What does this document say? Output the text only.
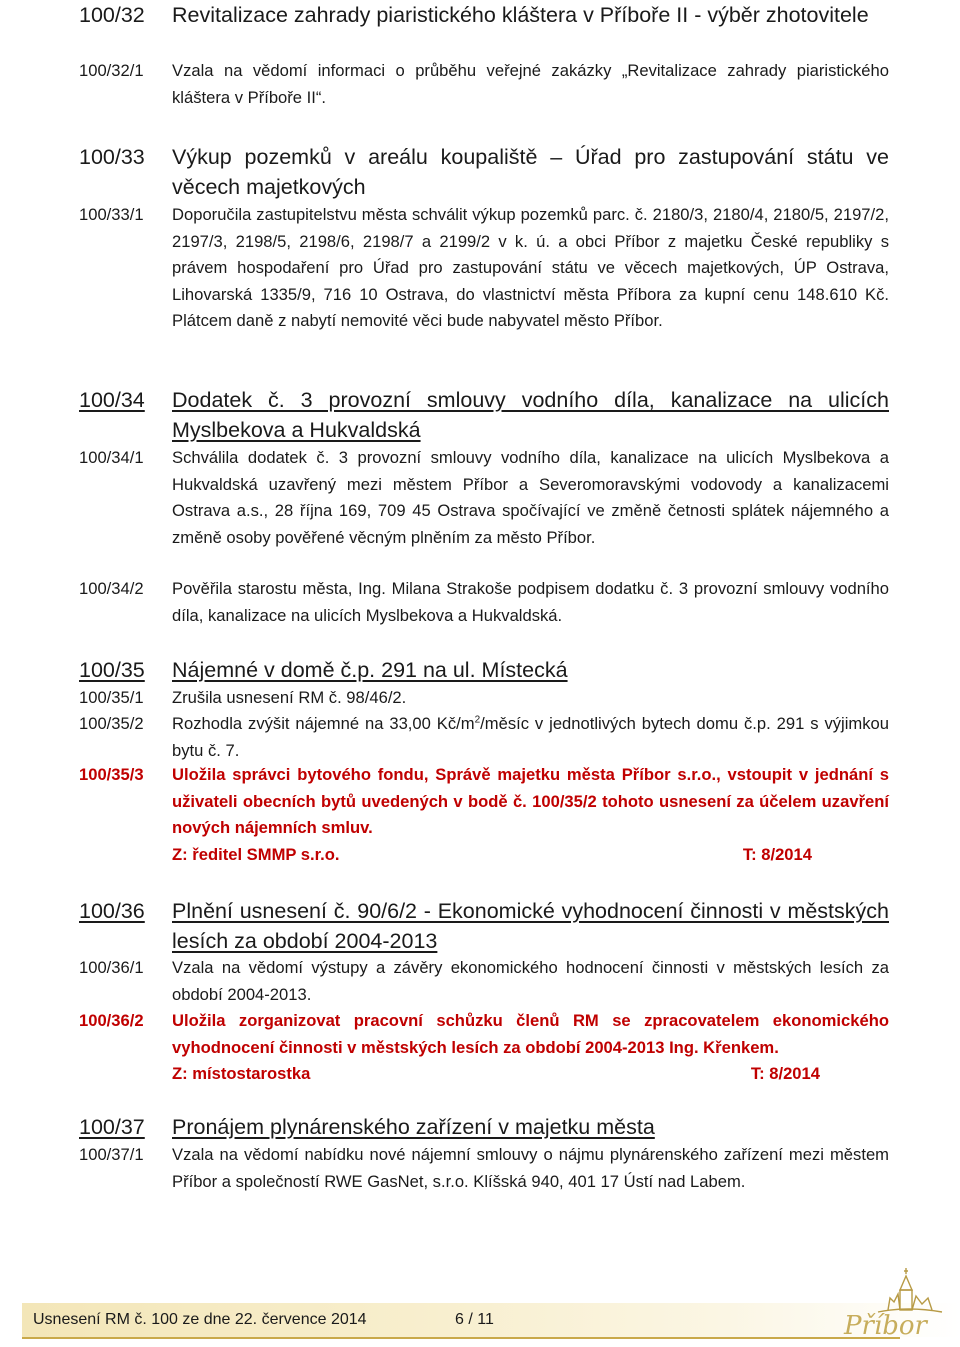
100/32	Revitalizace zahrady piaristického kláštera v Příboře II - výběr zhotovitele
100/32/1	Vzala na vědomí informaci o průběhu veřejné zakázky „Revitalizace zahrady piaristického kláštera v Příboře II“.
100/33	Výkup pozemků v areálu koupaliště – Úřad pro zastupování státu ve věcech majetkových
100/33/1	Doporučila zastupitelstvu města schválit výkup pozemků parc. č. 2180/3, 2180/4, 2180/5, 2197/2, 2197/3, 2198/5, 2198/6, 2198/7 a 2199/2 v k. ú. a obci Příbor z majetku České republiky s právem hospodaření pro Úřad pro zastupování státu ve věcech majetkových, ÚP Ostrava, Lihovarská 1335/9, 716 10 Ostrava, do vlastnictví města Příbora za kupní cenu 148.610 Kč. Plátcem daně z nabytí nemovité věci bude nabyvatel město Příbor.
100/34	Dodatek č. 3 provozní smlouvy vodního díla, kanalizace na ulicích Myslbekova a Hukvaldská
100/34/1	Schválila dodatek č. 3 provozní smlouvy vodního díla, kanalizace na ulicích Myslbekova a Hukvaldská uzavřený mezi městem Příbor a Severomoravskými vodovody a kanalizacemi Ostrava a.s., 28 října 169, 709 45 Ostrava spočívající ve změně četnosti splátek nájemného a změně osoby pověřené věcným plněním za město Příbor.
100/34/2	Pověřila starostu města, Ing. Milana Strakoše podpisem dodatku č. 3 provozní smlouvy vodního díla, kanalizace na ulicích Myslbekova a Hukvaldská.
100/35	Nájemné v domě č.p. 291 na ul. Místecká
100/35/1	Zrušila usnesení RM č. 98/46/2.
100/35/2	Rozhodla zvýšit nájemné na 33,00 $Kč/m^2$/měsíc v jednotlivých bytech domu č.p. 291 s výjimkou bytu č. 7.
100/35/3	Uložila správci bytového fondu, Správě majetku města Příbor s.r.o., vstoupit v jednání s uživateli obecních bytů uvedených v bodě č. 100/35/2 tohoto usnesení za účelem uzavření nových nájemních smluv.
Z: ředitel SMMP s.r.o.	T: 8/2014
100/36	Plnění usnesení č. 90/6/2 - Ekonomické vyhodnocení činnosti v městských lesích za období 2004-2013
100/36/1	Vzala na vědomí výstupy a závěry ekonomického hodnocení činnosti v městských lesích za období 2004-2013.
100/36/2	Uložila zorganizovat pracovní schůzku členů RM se zpracovatelem ekonomického vyhodnocení činnosti v městských lesích za období 2004-2013 Ing. Křenkem.
Z: místostarostka	T: 8/2014
100/37	Pronájem plynárenského zařízení v majetku města
100/37/1	Vzala na vědomí nabídku nové nájemní smlouvy o nájmu plynárenského zařízení mezi městem Příbor a společností RWE GasNet, s.r.o. Klíšská 940, 401 17 Ústí nad Labem.
Usnesení RM č. 100 ze dne 22. července 2014	6 / 11	Příbor
